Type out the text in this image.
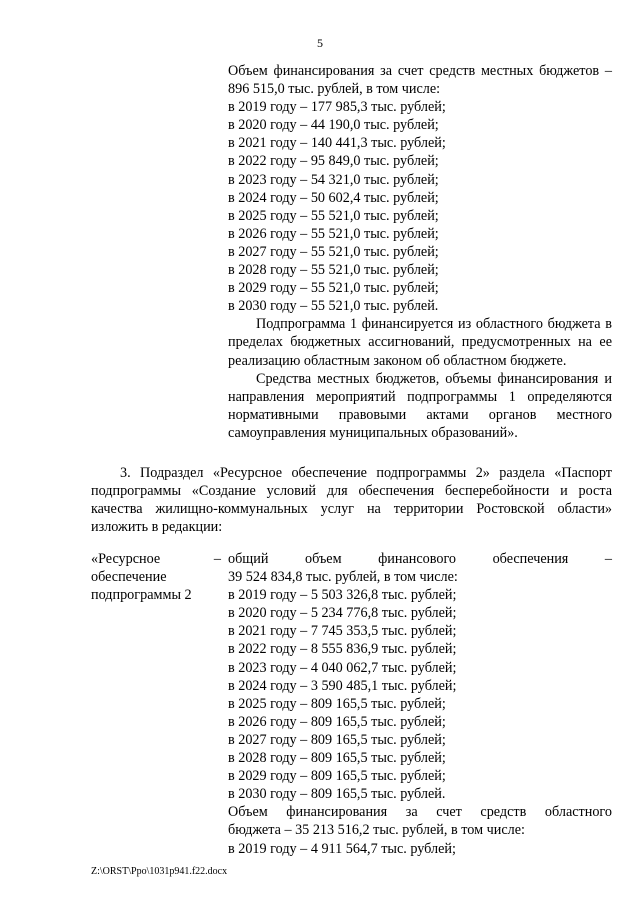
5
Объем финансирования за счет средств местных бюджетов –
896 515,0 тыс. рублей, в том числе:
в 2019 году – 177 985,3 тыс. рублей;
в 2020 году – 44 190,0 тыс. рублей;
в 2021 году – 140 441,3 тыс. рублей;
в 2022 году – 95 849,0 тыс. рублей;
в 2023 году – 54 321,0 тыс. рублей;
в 2024 году – 50 602,4 тыс. рублей;
в 2025 году – 55 521,0 тыс. рублей;
в 2026 году – 55 521,0 тыс. рублей;
в 2027 году – 55 521,0 тыс. рублей;
в 2028 году – 55 521,0 тыс. рублей;
в 2029 году – 55 521,0 тыс. рублей;
в 2030 году – 55 521,0 тыс. рублей.
Подпрограмма 1 финансируется из областного бюджета в пределах бюджетных ассигнований, предусмотренных на ее реализацию областным законом об областном бюджете.
Средства местных бюджетов, объемы финансирования и направления мероприятий подпрограммы 1 определяются нормативными правовыми актами органов местного самоуправления муниципальных образований».
3. Подраздел «Ресурсное обеспечение подпрограммы 2» раздела «Паспорт подпрограммы «Создание условий для обеспечения бесперебойности и роста качества жилищно-коммунальных услуг на территории Ростовской области» изложить в редакции:
«Ресурсное	–
обеспечение
подпрограммы 2
общий объем финансового обеспечения –
39 524 834,8 тыс. рублей, в том числе:
в 2019 году – 5 503 326,8 тыс. рублей;
в 2020 году – 5 234 776,8 тыс. рублей;
в 2021 году – 7 745 353,5 тыс. рублей;
в 2022 году – 8 555 836,9 тыс. рублей;
в 2023 году – 4 040 062,7 тыс. рублей;
в 2024 году – 3 590 485,1 тыс. рублей;
в 2025 году – 809 165,5 тыс. рублей;
в 2026 году – 809 165,5 тыс. рублей;
в 2027 году – 809 165,5 тыс. рублей;
в 2028 году – 809 165,5 тыс. рублей;
в 2029 году – 809 165,5 тыс. рублей;
в 2030 году – 809 165,5 тыс. рублей.
Объем финансирования за счет средств областного
бюджета – 35 213 516,2 тыс. рублей, в том числе:
в 2019 году – 4 911 564,7 тыс. рублей;
Z:\ORST\Ppo\1031p941.f22.docx
